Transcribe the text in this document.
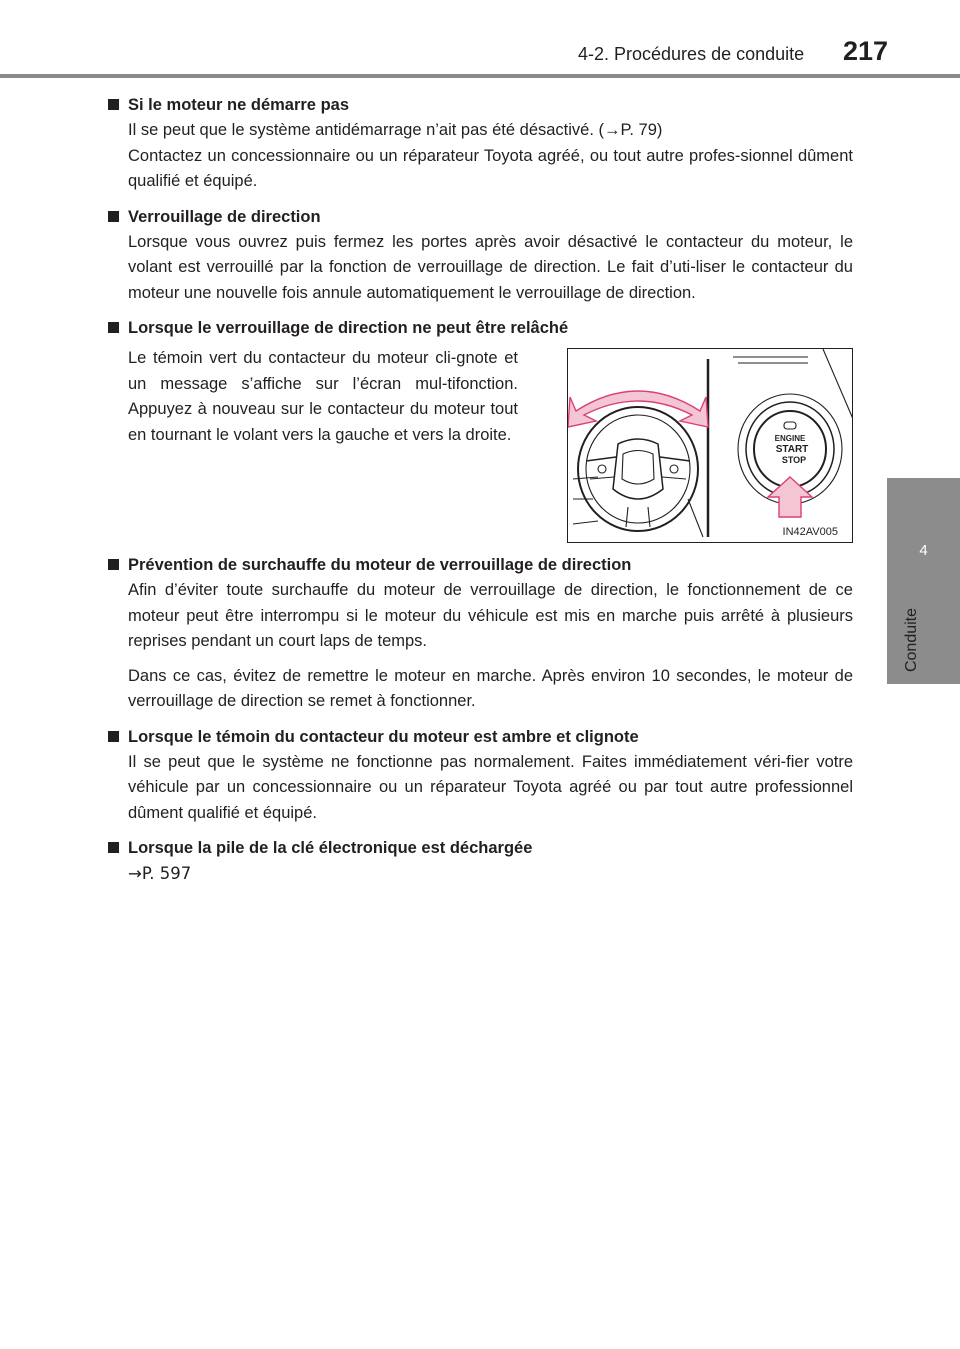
4-2. Procédures de conduite 217
4
Conduite
Si le moteur ne démarre pas

Il se peut que le système antidémarrage n’ait pas été désactivé. (→P. 79)

Contactez un concessionnaire ou un réparateur Toyota agréé, ou tout autre profes-sionnel dûment qualifié et équipé.

Verrouillage de direction

Lorsque vous ouvrez puis fermez les portes après avoir désactivé le contacteur du moteur, le volant est verrouillé par la fonction de verrouillage de direction. Le fait d’uti-liser le contacteur du moteur une nouvelle fois annule automatiquement le verrouillage de direction.

Lorsque le verrouillage de direction ne peut être relâché

Le témoin vert du contacteur du moteur cli-gnote et un message s’affiche sur l’écran mul-tifonction. Appuyez à nouveau sur le contacteur du moteur tout en tournant le volant vers la gauche et vers la droite.	ENGINE
START
STOP
IN42AV005
Prévention de surchauffe du moteur de verrouillage de direction

Afin d’éviter toute surchauffe du moteur de verrouillage de direction, le fonctionnement de ce moteur peut être interrompu si le moteur du véhicule est mis en marche puis arrêté à plusieurs reprises pendant un court laps de temps.

Dans ce cas, évitez de remettre le moteur en marche. Après environ 10 secondes, le moteur de verrouillage de direction se remet à fonctionner.

Lorsque le témoin du contacteur du moteur est ambre et clignote

Il se peut que le système ne fonctionne pas normalement. Faites immédiatement véri-fier votre véhicule par un concessionnaire ou un réparateur Toyota agréé ou par tout autre professionnel dûment qualifié et équipé.

Lorsque la pile de la clé électronique est déchargée

→P. 597
